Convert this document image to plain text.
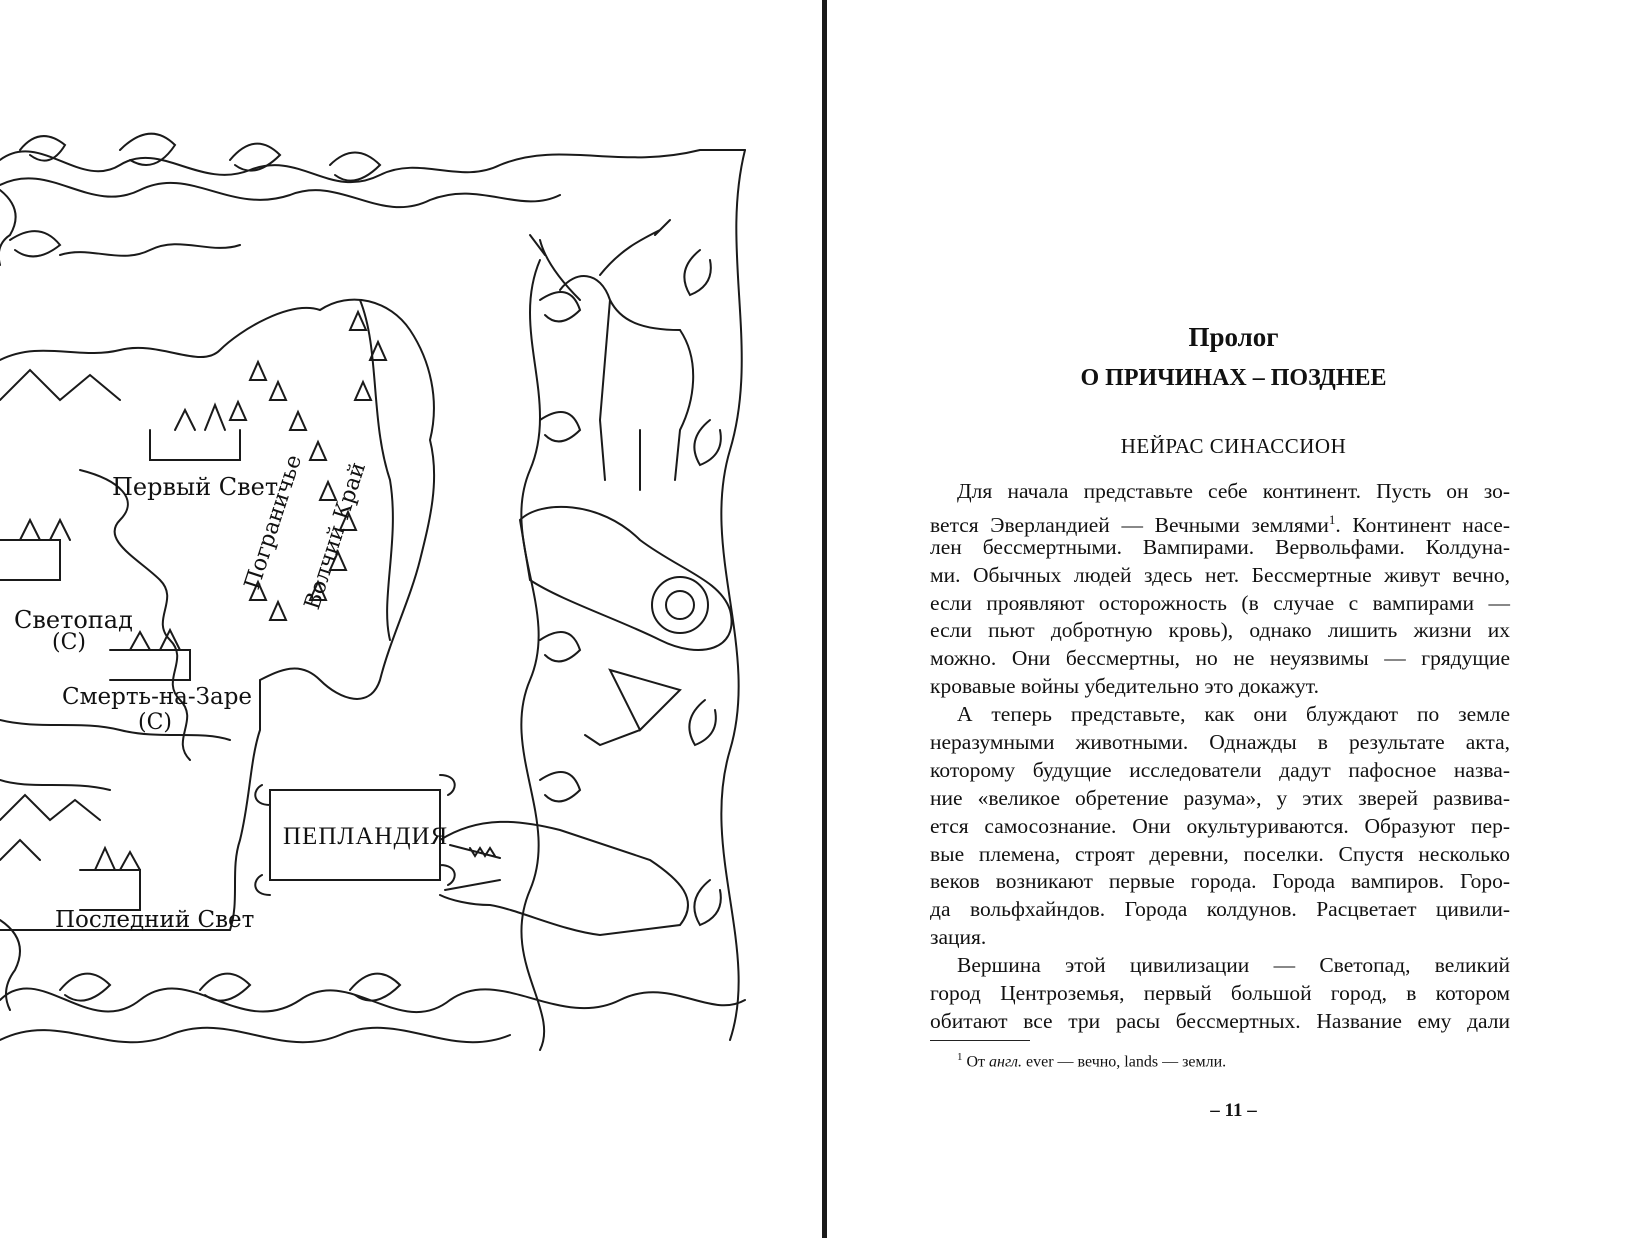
Первый Свет
Пограничье
Волчий Край
Светопад
(С)
Смерть-на-Заре
(С)
Последний Свет
ПЕПЛАНДИЯ
Пролог
О ПРИЧИНАХ – ПОЗДНЕЕ
НЕЙРАС СИНАССИОН
Для начала представьте себе континент. Пусть он зо-
вется Эверландией — Вечными землями$^1$. Континент насе-
лен бессмертными. Вампирами. Вервольфами. Колдуна-
ми. Обычных людей здесь нет. Бессмертные живут вечно,
если проявляют осторожность (в случае с вампирами —
если пьют добротную кровь), однако лишить жизни их
можно. Они бессмертны, но не неуязвимы — грядущие
кровавые войны убедительно это докажут.
А теперь представьте, как они блуждают по земле
неразумными животными. Однажды в результате акта,
которому будущие исследователи дадут пафосное назва-
ние «великое обретение разума», у этих зверей развива-
ется самосознание. Они окультуриваются. Образуют пер-
вые племена, строят деревни, поселки. Спустя несколько
веков возникают первые города. Города вампиров. Горо-
да вольфхайндов. Города колдунов. Расцветает цивили-
зация.
Вершина этой цивилизации — Светопад, великий
город Центроземья, первый большой город, в котором
обитают все три расы бессмертных. Название ему дали
$^1$ От англ. ever — вечно, lands — земли.
– 11 –
